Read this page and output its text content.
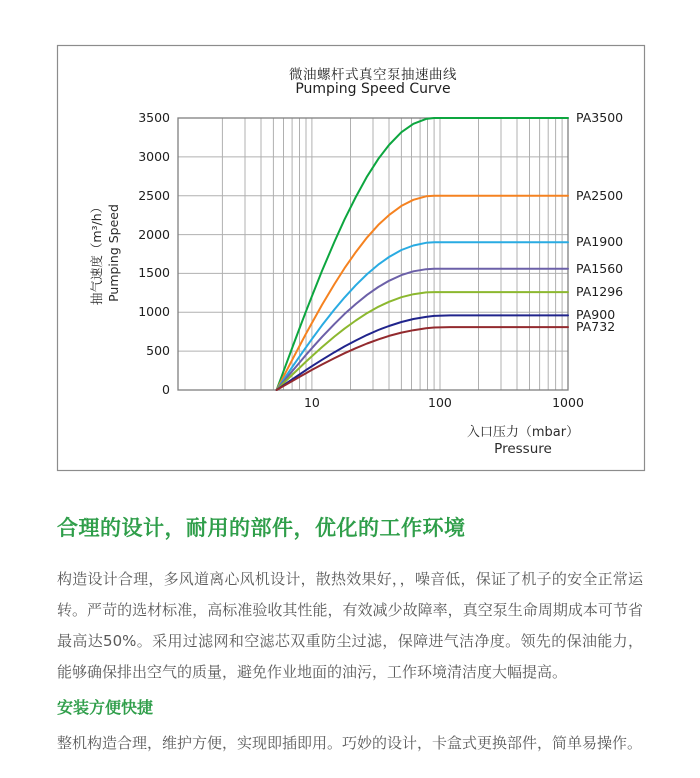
微油螺杆式真空泵抽速曲线
Pumping Speed Curve
抽气速度（m³/h） Pumping Speed
入口压力（mbar）
Pressure
0
500
1000
1500
2000
2500
3000
3500
10	100	1000
PA3500
PA2500
PA1900
PA1560
PA1296
PA900
PA732
合理的设计，耐用的部件，优化的工作环境
构造设计合理，多风道离心风机设计，散热效果好，，噪音低，保证了机子的安全正常运转。严苛的选材标准，高标准验收其性能，有效减少故障率，真空泵生命周期成本可节省最高达50%。采用过滤网和空滤芯双重防尘过滤，保障进气洁净度。领先的保油能力，能够确保排出空气的质量，避免作业地面的油污，工作环境清洁度大幅提高。
安装方便快捷
整机构造合理，维护方便，实现即插即用。巧妙的设计，卡盒式更换部件，简单易操作。
